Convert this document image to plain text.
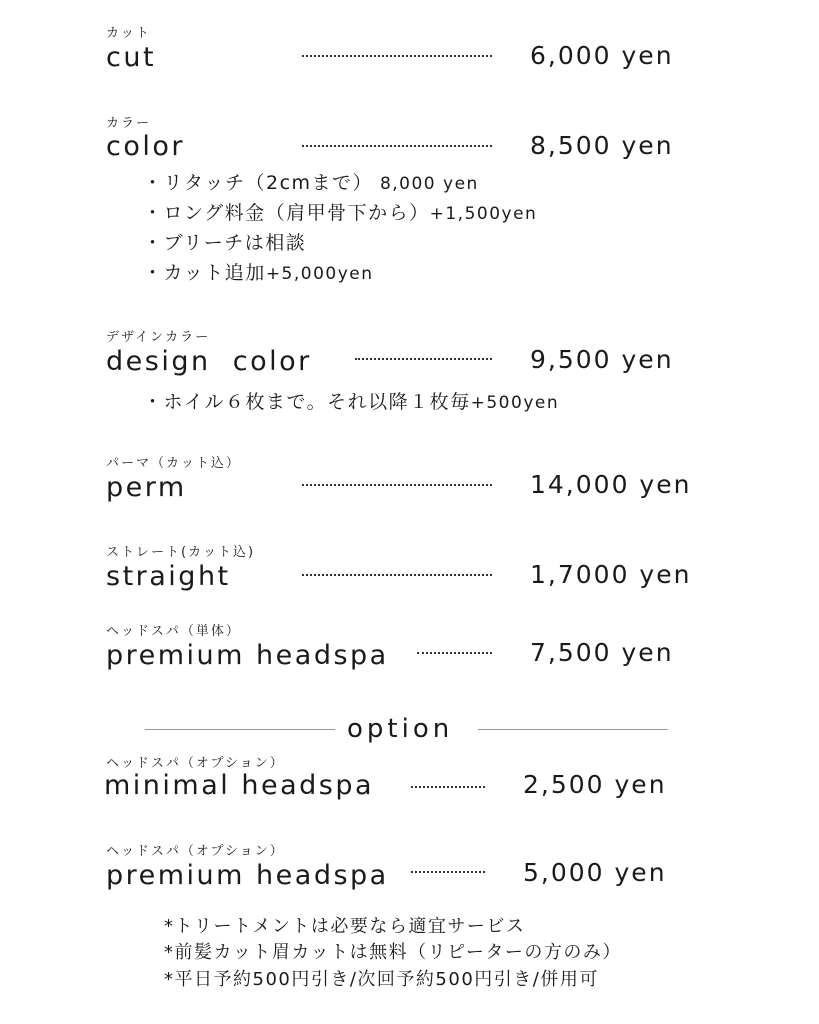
カット
cut	6,000 yen
カラー
color	8,500 yen
・リタッチ（2cmまで） 8,000 yen
・ロング料金（肩甲骨下から）+1,500yen
・ブリーチは相談
・カット追加+5,000yen
デザインカラー
design  color	9,500 yen
・ホイル６枚まで。それ以降１枚毎+500yen
パーマ（カット込）
perm	14,000 yen
ストレート(カット込)
straight	1,7000 yen
ヘッドスパ（単体）
premium headspa	7,500 yen
option
ヘッドスパ（オプション）
minimal headspa	2,500 yen
ヘッドスパ（オプション）
premium headspa	5,000 yen
*トリートメントは必要なら適宜サービス
*前髪カット眉カットは無料（リピーターの方のみ）
*平日予約500円引き/次回予約500円引き/併用可
